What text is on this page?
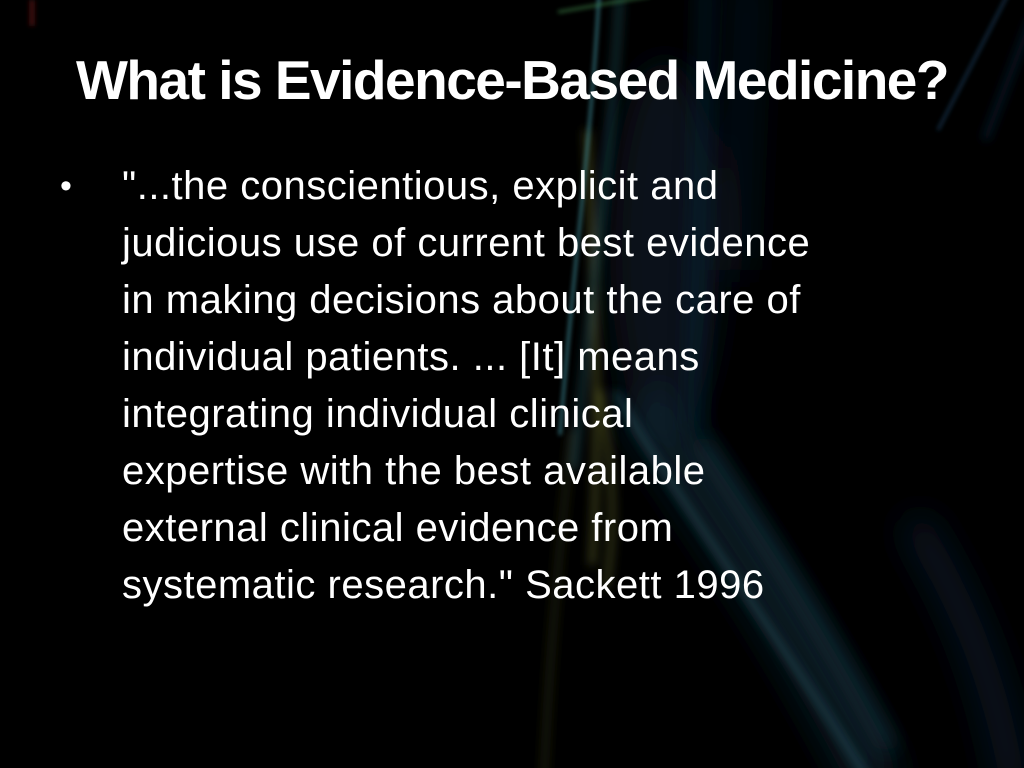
What is Evidence-Based Medicine?
•	"...the conscientious, explicit and
judicious use of current best evidence
in making decisions about the care of
individual patients. ... [It] means
integrating individual clinical
expertise with the best available
external clinical evidence from
systematic research." Sackett 1996
